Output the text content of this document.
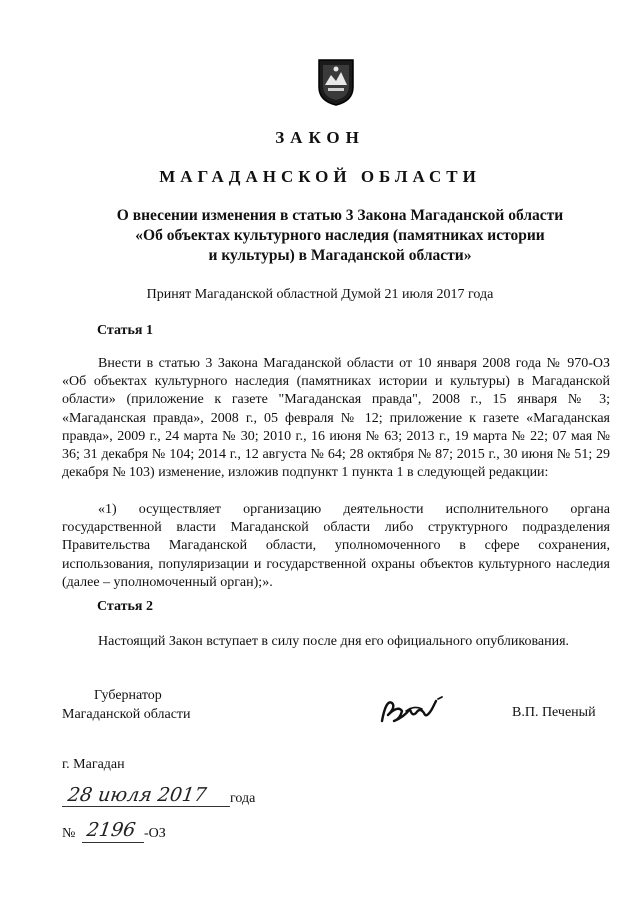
ЗАКОН
МАГАДАНСКОЙ ОБЛАСТИ
О внесении изменения в статью 3 Закона Магаданской области
«Об объектах культурного наследия (памятниках истории
и культуры) в Магаданской области»
Принят Магаданской областной Думой 21 июля 2017 года
Статья 1
Внести в статью 3 Закона Магаданской области от 10 января 2008 года № 970-ОЗ «Об объектах культурного наследия (памятниках истории и культуры) в Магаданской области» (приложение к газете "Магаданская правда", 2008 г., 15 января № 3; «Магаданская правда», 2008 г., 05 февраля № 12; приложение к газете «Магаданская правда», 2009 г., 24 марта № 30; 2010 г., 16 июня № 63; 2013 г., 19 марта № 22; 07 мая № 36; 31 декабря № 104; 2014 г., 12 августа № 64; 28 октября № 87; 2015 г., 30 июня № 51; 29 декабря № 103) изменение, изложив подпункт 1 пункта 1 в следующей редакции:
«1) осуществляет организацию деятельности исполнительного органа государственной власти Магаданской области либо структурного подразделения Правительства Магаданской области, уполномоченного в сфере сохранения, использования, популяризации и государственной охраны объектов культурного наследия (далее – уполномоченный орган);».
Статья 2
Настоящий Закон вступает в силу после дня его официального опубликования.
Губернатор
Магаданской области	В.П. Печеный
г. Магадан
28 июля 2017 года
№ 2196 -ОЗ
